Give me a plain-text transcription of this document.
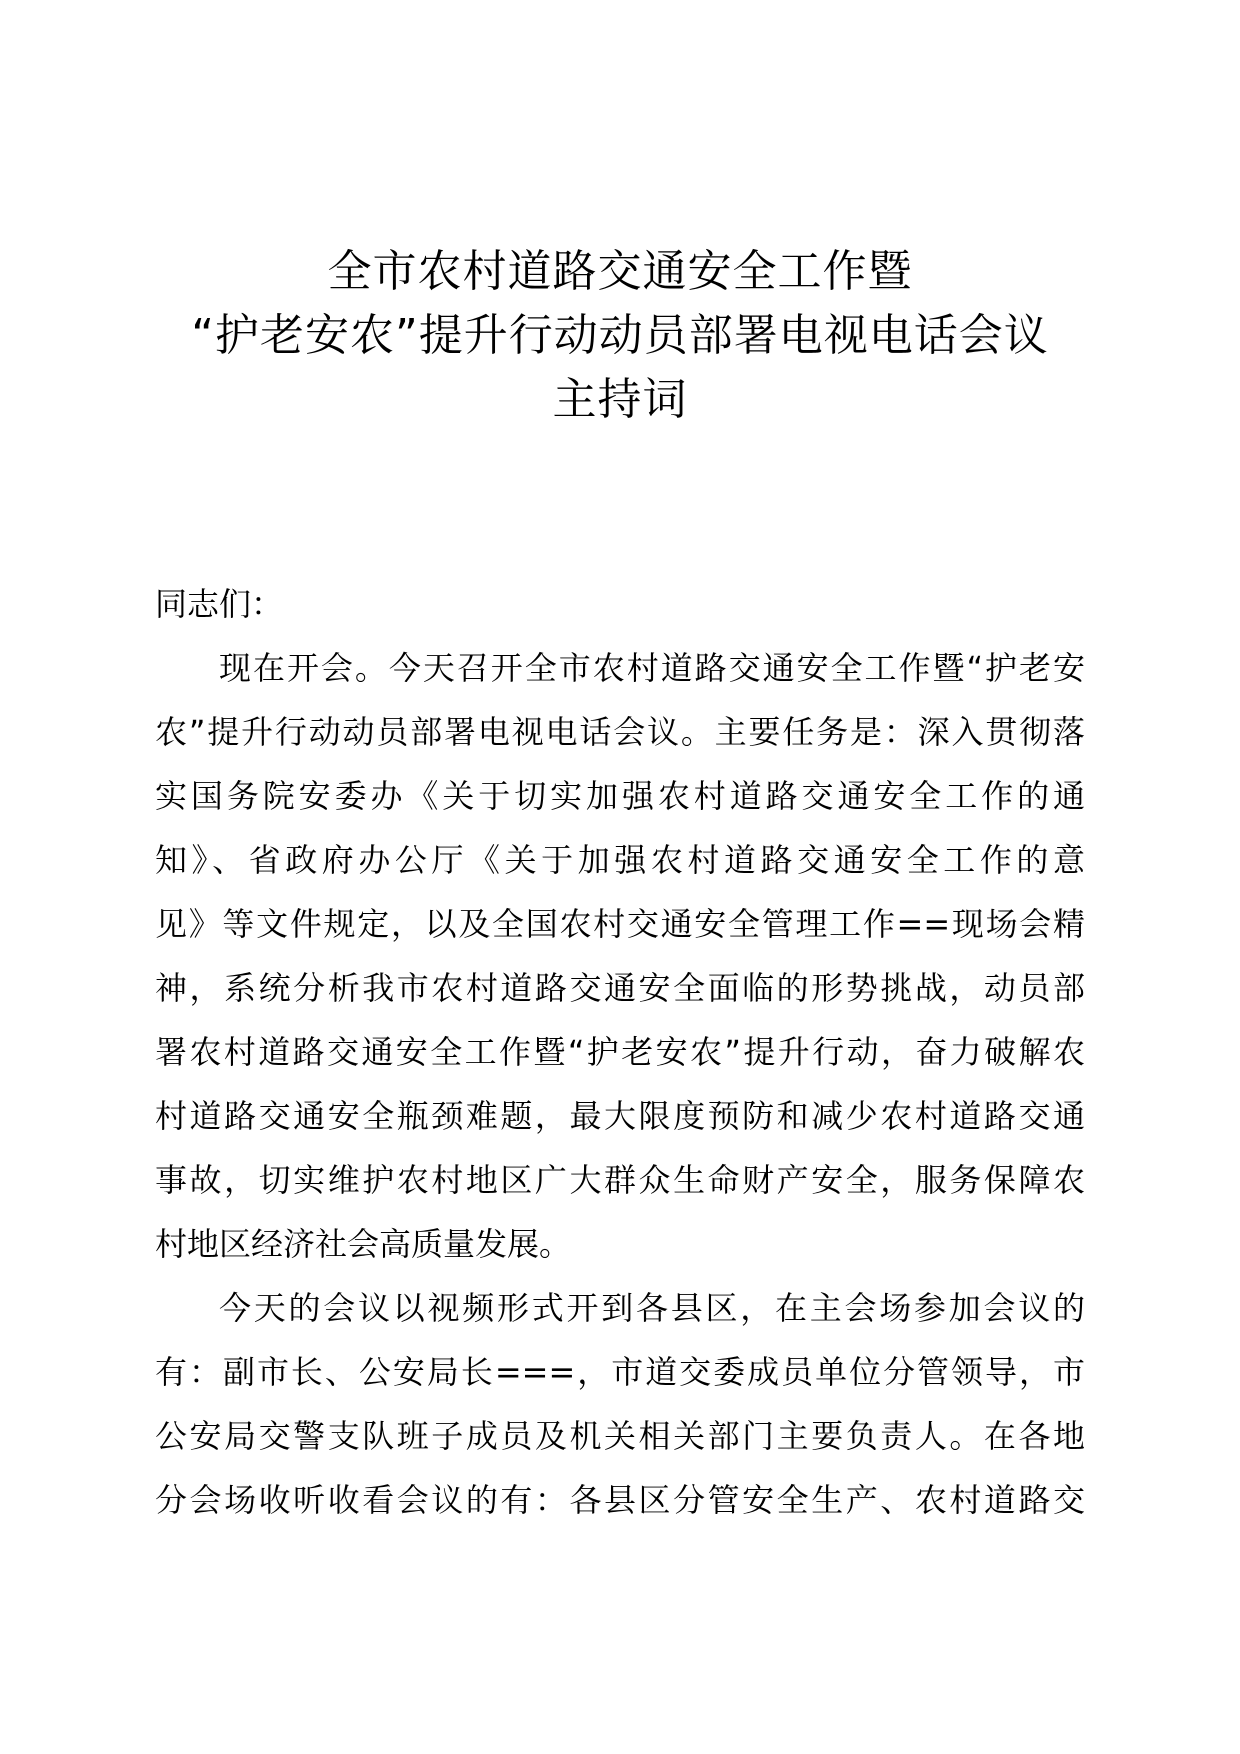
全市农村道路交通安全工作暨
“护老安农”提升行动动员部署电视电话会议
主持词

同志们：

现在开会。今天召开全市农村道路交通安全工作暨“护老安
农”提升行动动员部署电视电话会议。主要任务是：深入贯彻落
实国务院安委办《关于切实加强农村道路交通安全工作的通
知》、省政府办公厅《关于加强农村道路交通安全工作的意
见》等文件规定，以及全国农村交通安全管理工作==现场会精
神，系统分析我市农村道路交通安全面临的形势挑战，动员部
署农村道路交通安全工作暨“护老安农”提升行动，奋力破解农
村道路交通安全瓶颈难题，最大限度预防和减少农村道路交通
事故，切实维护农村地区广大群众生命财产安全，服务保障农
村地区经济社会高质量发展。
今天的会议以视频形式开到各县区，在主会场参加会议的
有：副市长、公安局长===，市道交委成员单位分管领导，市
公安局交警支队班子成员及机关相关部门主要负责人。在各地
分会场收听收看会议的有：各县区分管安全生产、农村道路交
